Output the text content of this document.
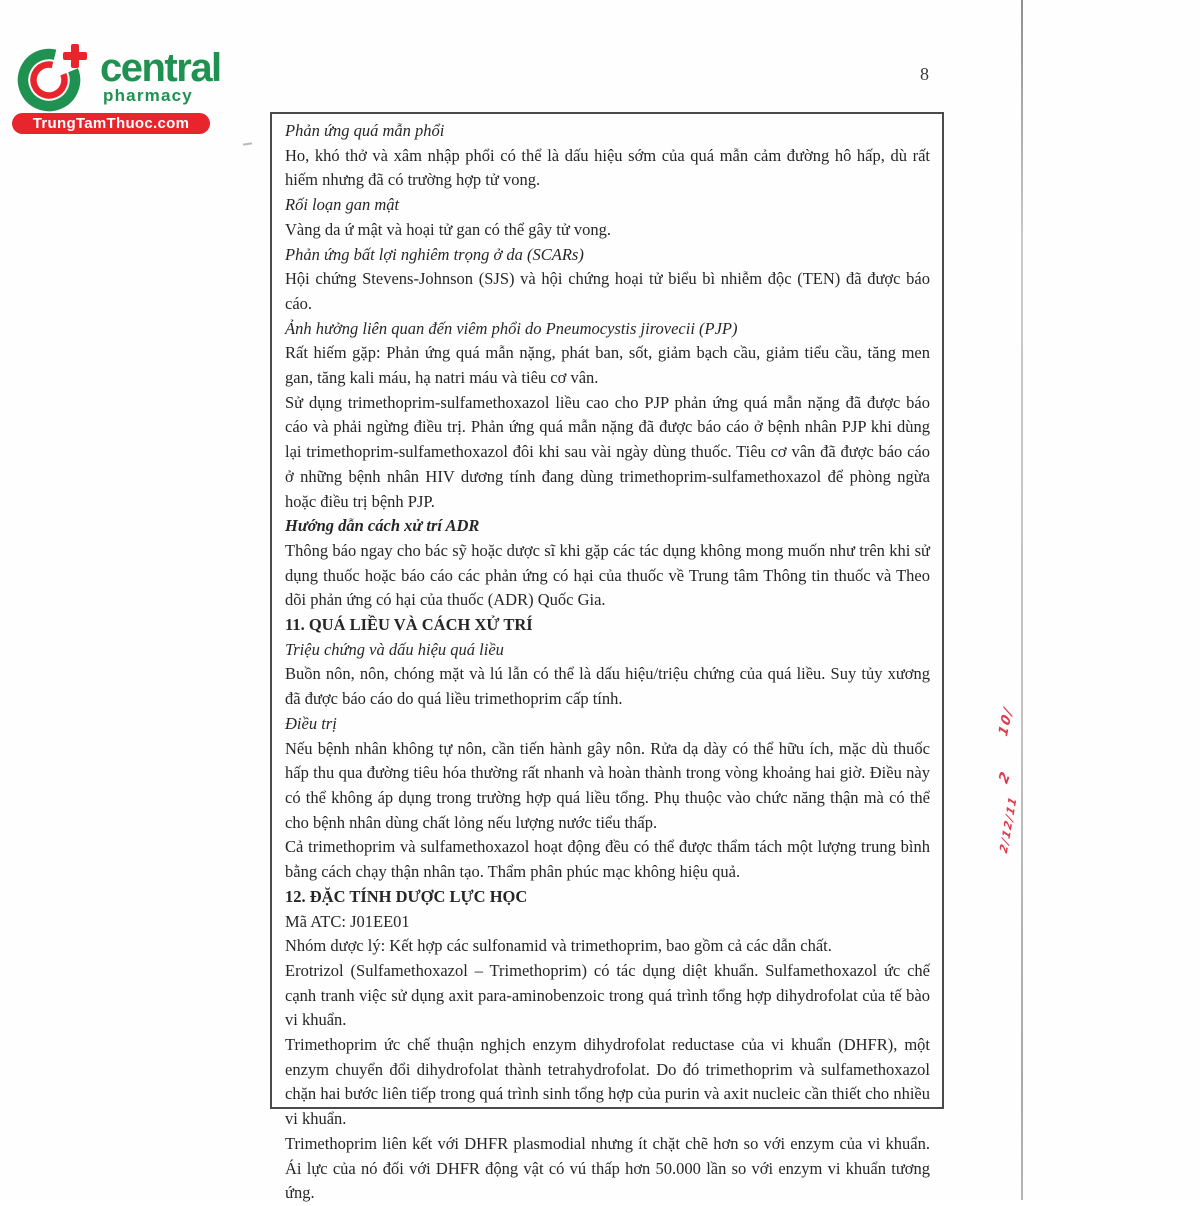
central
pharmacy
TrungTamThuoc.com
8

Phản ứng quá mẫn phổi

Ho, khó thở và xâm nhập phổi có thể là dấu hiệu sớm của quá mẫn cảm đường hô hấp, dù rất hiếm nhưng đã có trường hợp tử vong.

Rối loạn gan mật

Vàng da ứ mật và hoại tử gan có thể gây tử vong.

Phản ứng bất lợi nghiêm trọng ở da (SCARs)

Hội chứng Stevens-Johnson (SJS) và hội chứng hoại tử biểu bì nhiễm độc (TEN) đã được báo cáo.

Ảnh hưởng liên quan đến viêm phổi do Pneumocystis jirovecii (PJP)

Rất hiếm gặp: Phản ứng quá mẫn nặng, phát ban, sốt, giảm bạch cầu, giảm tiểu cầu, tăng men gan, tăng kali máu, hạ natri máu và tiêu cơ vân.

Sử dụng trimethoprim-sulfamethoxazol liều cao cho PJP phản ứng quá mẫn nặng đã được báo cáo và phải ngừng điều trị. Phản ứng quá mẫn nặng đã được báo cáo ở bệnh nhân PJP khi dùng lại trimethoprim-sulfamethoxazol đôi khi sau vài ngày dùng thuốc. Tiêu cơ vân đã được báo cáo ở những bệnh nhân HIV dương tính đang dùng trimethoprim-sulfamethoxazol để phòng ngừa hoặc điều trị bệnh PJP.

Hướng dẫn cách xử trí ADR

Thông báo ngay cho bác sỹ hoặc dược sĩ khi gặp các tác dụng không mong muốn như trên khi sử dụng thuốc hoặc báo cáo các phản ứng có hại của thuốc về Trung tâm Thông tin thuốc và Theo dõi phản ứng có hại của thuốc (ADR) Quốc Gia.

11. QUÁ LIỀU VÀ CÁCH XỬ TRÍ

Triệu chứng và dấu hiệu quá liều

Buồn nôn, nôn, chóng mặt và lú lẫn có thể là dấu hiệu/triệu chứng của quá liều. Suy tủy xương đã được báo cáo do quá liều trimethoprim cấp tính.

Điều trị

Nếu bệnh nhân không tự nôn, cần tiến hành gây nôn. Rửa dạ dày có thể hữu ích, mặc dù thuốc hấp thu qua đường tiêu hóa thường rất nhanh và hoàn thành trong vòng khoảng hai giờ. Điều này có thể không áp dụng trong trường hợp quá liều tổng. Phụ thuộc vào chức năng thận mà có thể cho bệnh nhân dùng chất lỏng nếu lượng nước tiểu thấp.

Cả trimethoprim và sulfamethoxazol hoạt động đều có thể được thẩm tách một lượng trung bình bằng cách chạy thận nhân tạo. Thẩm phân phúc mạc không hiệu quả.

12. ĐẶC TÍNH DƯỢC LỰC HỌC

Mã ATC: J01EE01

Nhóm dược lý: Kết hợp các sulfonamid và trimethoprim, bao gồm cả các dẫn chất.

Erotrizol (Sulfamethoxazol – Trimethoprim) có tác dụng diệt khuẩn. Sulfamethoxazol ức chế cạnh tranh việc sử dụng axit para-aminobenzoic trong quá trình tổng hợp dihydrofolat của tế bào vi khuẩn.

Trimethoprim ức chế thuận nghịch enzym dihydrofolat reductase của vi khuẩn (DHFR), một enzym chuyển đổi dihydrofolat thành tetrahydrofolat. Do đó trimethoprim và sulfamethoxazol chặn hai bước liên tiếp trong quá trình sinh tổng hợp của purin và axit nucleic cần thiết cho nhiều vi khuẩn.

Trimethoprim liên kết với DHFR plasmodial nhưng ít chặt chẽ hơn so với enzym của vi khuẩn. Ái lực của nó đối với DHFR động vật có vú thấp hơn 50.000 lần so với enzym vi khuẩn tương ứng.

10/
2
2/12/11
